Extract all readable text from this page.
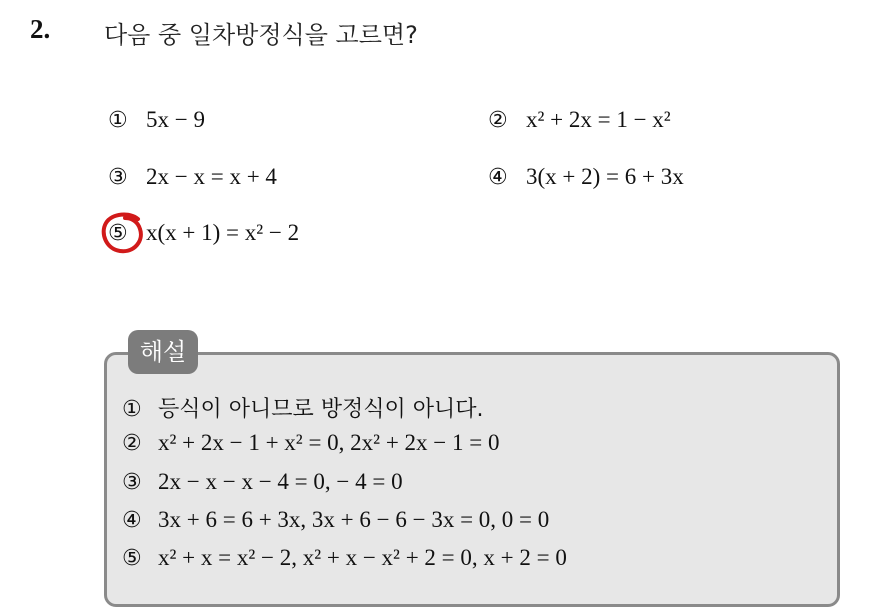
2. 다음 중 일차방정식을 고르면?
① 5x − 9	② x² + 2x = 1 − x²
③ 2x − x = x + 4	④ 3(x + 2) = 6 + 3x
⑤ x(x + 1) = x² − 2
해설
① 등식이 아니므로 방정식이 아니다.
② x² + 2x − 1 + x² = 0, 2x² + 2x − 1 = 0
③ 2x − x − x − 4 = 0, − 4 = 0
④ 3x + 6 = 6 + 3x, 3x + 6 − 6 − 3x = 0, 0 = 0
⑤ x² + x = x² − 2, x² + x − x² + 2 = 0, x + 2 = 0
